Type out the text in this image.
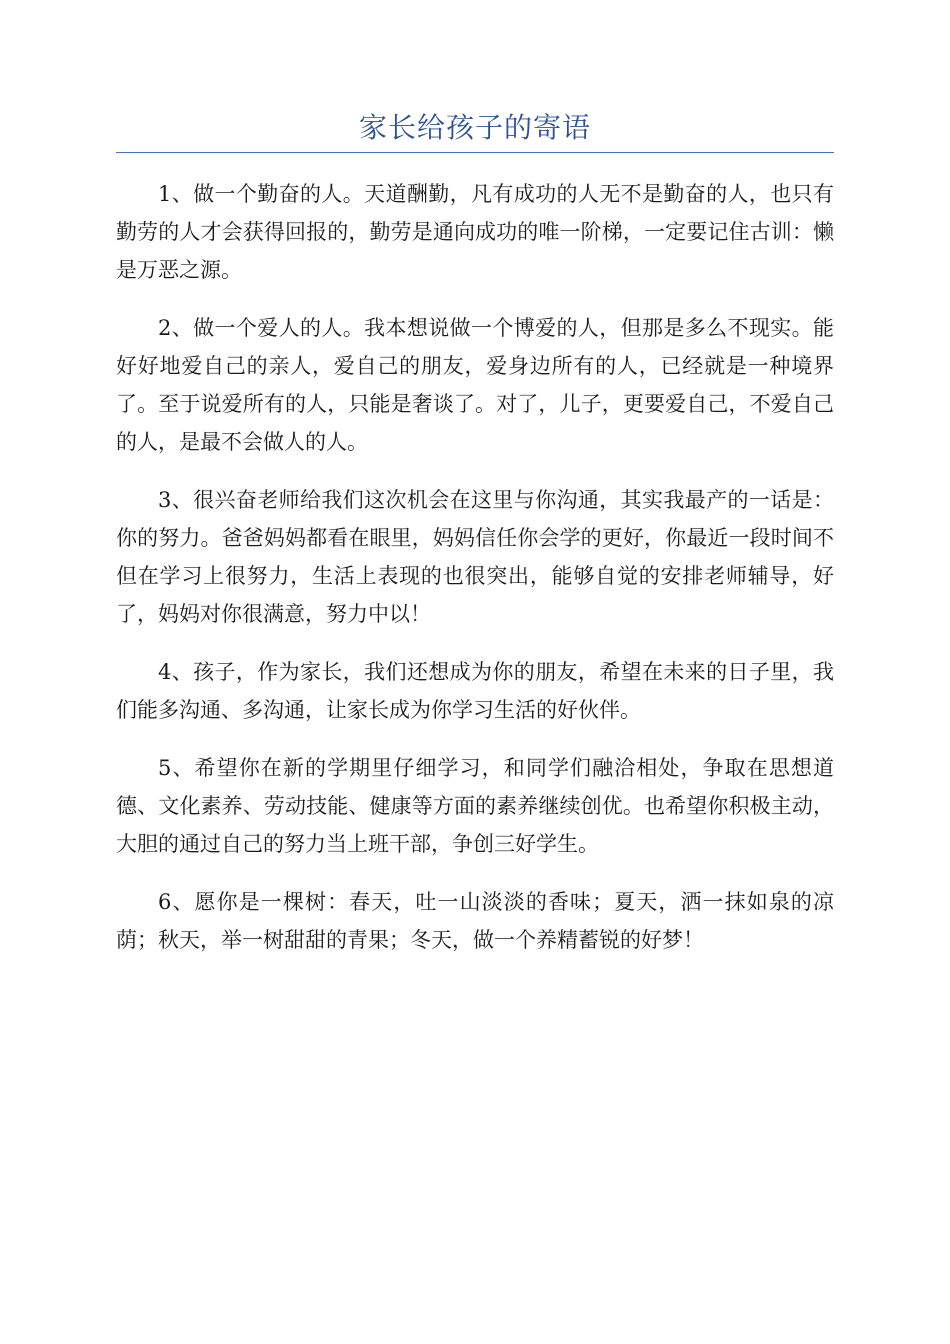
家长给孩子的寄语

1、做一个勤奋的人。天道酬勤，凡有成功的人无不是勤奋的人，也只有勤劳的人才会获得回报的，勤劳是通向成功的唯一阶梯，一定要记住古训：懒是万恶之源。

2、做一个爱人的人。我本想说做一个博爱的人，但那是多么不现实。能好好地爱自己的亲人，爱自己的朋友，爱身边所有的人，已经就是一种境界了。至于说爱所有的人，只能是奢谈了。对了，儿子，更要爱自己，不爱自己的人，是最不会做人的人。

3、很兴奋老师给我们这次机会在这里与你沟通，其实我最产的一话是：你的努力。爸爸妈妈都看在眼里，妈妈信任你会学的更好，你最近一段时间不但在学习上很努力，生活上表现的也很突出，能够自觉的安排老师辅导，好了，妈妈对你很满意，努力中以！

4、孩子，作为家长，我们还想成为你的朋友，希望在未来的日子里，我们能多沟通、多沟通，让家长成为你学习生活的好伙伴。

5、希望你在新的学期里仔细学习，和同学们融洽相处，争取在思想道德、文化素养、劳动技能、健康等方面的素养继续创优。也希望你积极主动，大胆的通过自己的努力当上班干部，争创三好学生。

6、愿你是一棵树：春天，吐一山淡淡的香味；夏天，洒一抹如泉的凉荫；秋天，举一树甜甜的青果；冬天，做一个养精蓄锐的好梦！
